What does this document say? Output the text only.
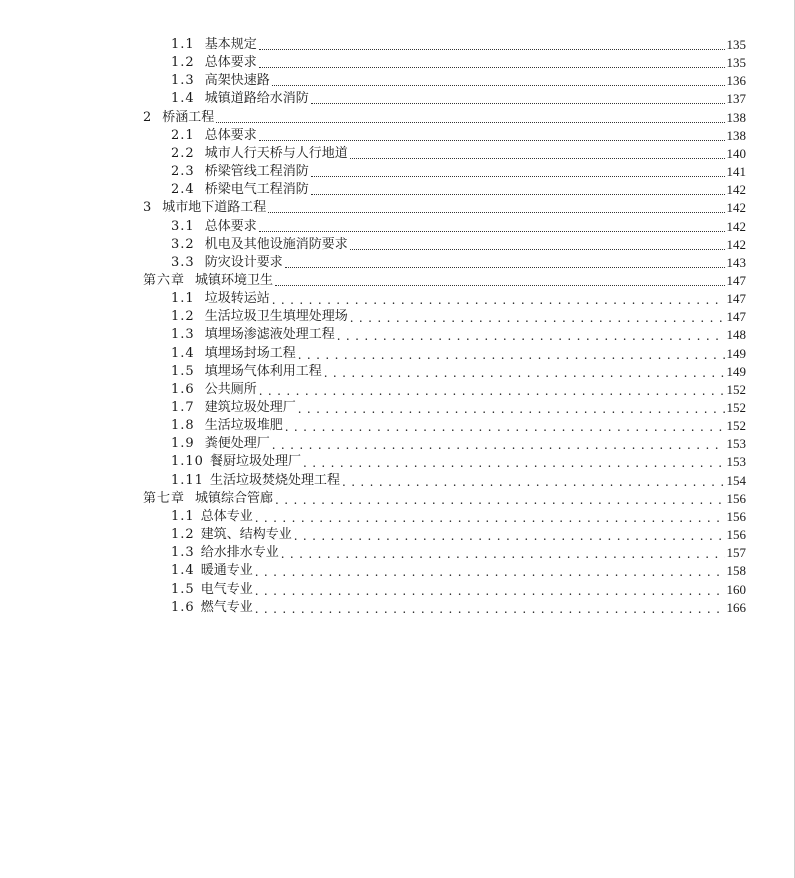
1.1 基本规定	135
1.2 总体要求	135
1.3 高架快速路	136
1.4 城镇道路给水消防	137
2 桥涵工程	138
2.1 总体要求	138
2.2 城市人行天桥与人行地道	140
2.3 桥梁管线工程消防	141
2.4 桥梁电气工程消防	142
3 城市地下道路工程	142
3.1 总体要求	142
3.2 机电及其他设施消防要求	142
3.3 防灾设计要求	143
第六章 城镇环境卫生	147
1.1 垃圾转运站 . . .	147
1.2 生活垃圾卫生填埋处理场 . . .	147
1.3 填埋场渗滤液处理工程 . . .	148
1.4 填埋场封场工程 . . .	149
1.5 填埋场气体利用工程 . . .	149
1.6 公共厕所 . . .	152
1.7 建筑垃圾处理厂 . . .	152
1.8 生活垃圾堆肥 . . .	152
1.9 粪便处理厂 . . .	153
1.10 餐厨垃圾处理厂 . . .	153
1.11 生活垃圾焚烧处理工程 . . .	154
第七章 城镇综合管廊 . . .	156
1.1 总体专业 . . .	156
1.2 建筑、结构专业 . . .	156
1.3 给水排水专业 . . .	157
1.4 暖通专业 . . .	158
1.5 电气专业 . . .	160
1.6 燃气专业 . . .	166
